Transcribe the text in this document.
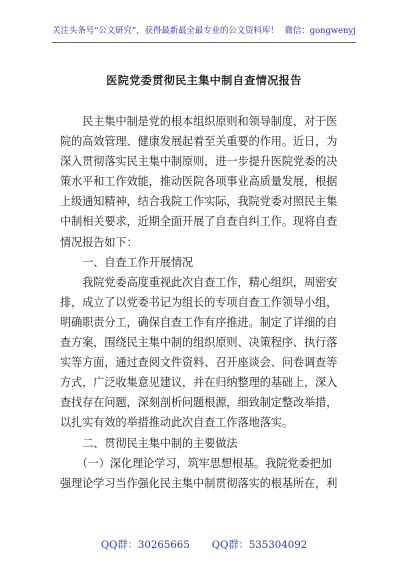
关注头条号“公文研究”，获得最新最全最专业的公文资料库！ 微信：gongwenyj
医院党委贯彻民主集中制自查情况报告
　　民主集中制是党的根本组织原则和领导制度，对于医
院的高效管理、健康发展起着至关重要的作用。近日，为
深入贯彻落实民主集中制原则，进一步提升医院党委的决
策水平和工作效能，推动医院各项事业高质量发展，根据
上级通知精神，结合我院工作实际，我院党委对照民主集
中制相关要求，近期全面开展了自查自纠工作。现将自查
情况报告如下：
　　一、自查工作开展情况
　　我院党委高度重视此次自查工作，精心组织，周密安
排，成立了以党委书记为组长的专项自查工作领导小组，
明确职责分工，确保自查工作有序推进。制定了详细的自
查方案，围绕民主集中制的组织原则、决策程序、执行落
实等方面，通过查阅文件资料、召开座谈会、问卷调查等
方式，广泛收集意见建议，并在归纳整理的基础上，深入
查找存在问题，深刻剖析问题根源，细致制定整改举措，
以扎实有效的举措推动此次自查工作落地落实。
　　二、贯彻民主集中制的主要做法
　　（一）深化理论学习，筑牢思想根基。我院党委把加
强理论学习当作强化民主集中制贯彻落实的根基所在，利
QQ群：30265665 QQ群：535304092
